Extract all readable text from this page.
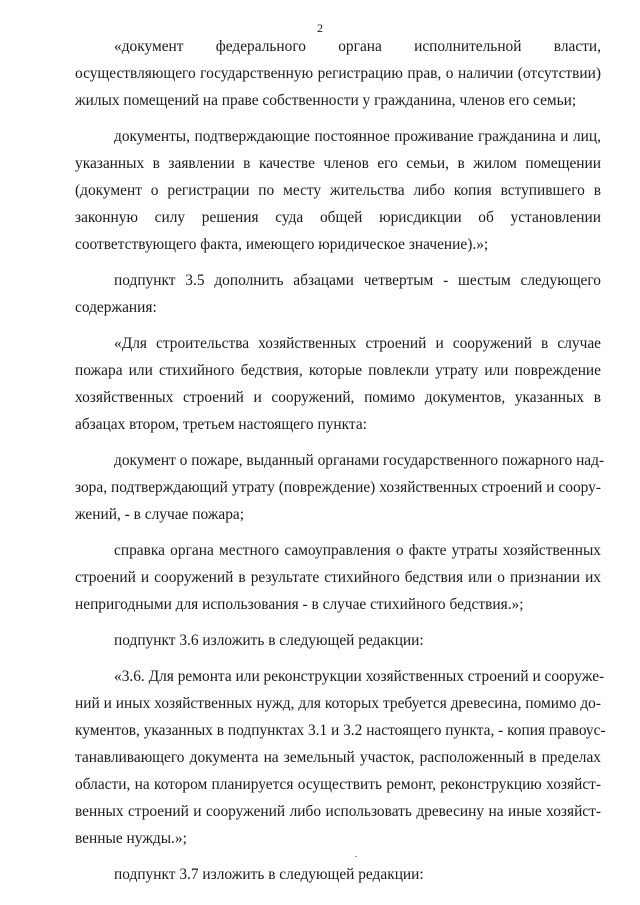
2
«документ федерального органа исполнительной власти,
осуществляющего государственную регистрацию прав, о наличии (отсутствии)
жилых помещений на праве собственности у гражданина, членов его семьи;
документы, подтверждающие постоянное проживание гражданина и лиц,
указанных в заявлении в качестве членов его семьи, в жилом помещении
(документ о регистрации по месту жительства либо копия вступившего в
законную силу решения суда общей юрисдикции об установлении
соответствующего факта, имеющего юридическое значение).»;
подпункт 3.5 дополнить абзацами четвертым - шестым следующего
содержания:
«Для строительства хозяйственных строений и сооружений в случае
пожара или стихийного бедствия, которые повлекли утрату или повреждение
хозяйственных строений и сооружений, помимо документов, указанных в
абзацах втором, третьем настоящего пункта:
документ о пожаре, выданный органами государственного пожарного над-
зора, подтверждающий утрату (повреждение) хозяйственных строений и соору-
жений, - в случае пожара;
справка органа местного самоуправления о факте утраты хозяйственных
строений и сооружений в результате стихийного бедствия или о признании их
непригодными для использования - в случае стихийного бедствия.»;
подпункт 3.6 изложить в следующей редакции:
«3.6. Для ремонта или реконструкции хозяйственных строений и сооруже-
ний и иных хозяйственных нужд, для которых требуется древесина, помимо до-
кументов, указанных в подпунктах 3.1 и 3.2 настоящего пункта, - копия правоус-
танавливающего документа на земельный участок, расположенный в пределах
области, на котором планируется осуществить ремонт, реконструкцию хозяйст-
венных строений и сооружений либо использовать древесину на иные хозяйст-
венные нужды.»;
подпункт 3.7 изложить в следующей редакции:
